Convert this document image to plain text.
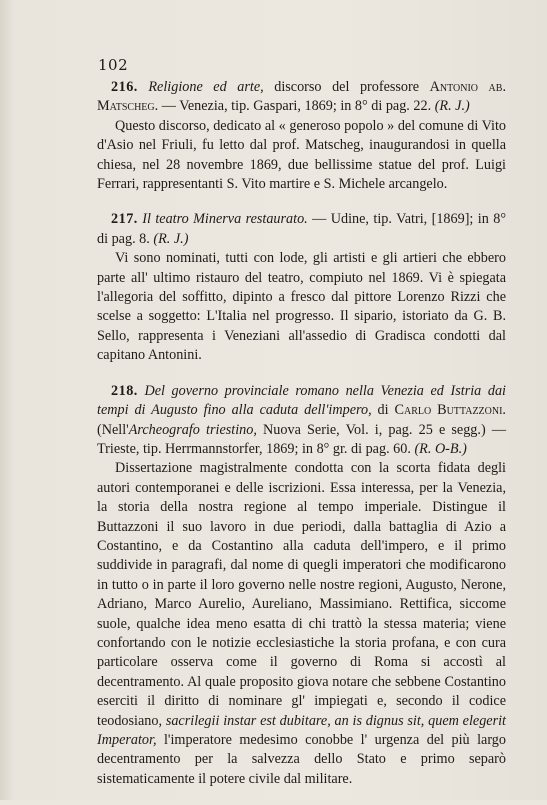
102

216. Religione ed arte, discorso del professore Antonio ab. Matscheg. — Venezia, tip. Gaspari, 1869; in 8° di pag. 22. (R. J.)

Questo discorso, dedicato al « generoso popolo » del comune di Vito d'Asio nel Friuli, fu letto dal prof. Matscheg, inaugurandosi in quella chiesa, nel 28 novembre 1869, due bellissime statue del prof. Luigi Ferrari, rappresentanti S. Vito martire e S. Michele arcangelo.

217. Il teatro Minerva restaurato. — Udine, tip. Vatri, [1869]; in 8° di pag. 8. (R. J.)

Vi sono nominati, tutti con lode, gli artisti e gli artieri che ebbero parte all' ultimo ristauro del teatro, compiuto nel 1869. Vi è spiegata l'allegoria del soffitto, dipinto a fresco dal pittore Lorenzo Rizzi che scelse a soggetto: L'Italia nel progresso. Il sipario, istoriato da G. B. Sello, rappresenta i Veneziani all'assedio di Gradisca condotti dal capitano Antonini.

218. Del governo provinciale romano nella Venezia ed Istria dai tempi di Augusto fino alla caduta dell'impero, di Carlo Buttazzoni. (Nell'Archeografo triestino, Nuova Serie, Vol. i, pag. 25 e segg.) — Trieste, tip. Herrmannstorfer, 1869; in 8° gr. di pag. 60. (R. O-B.)

Dissertazione magistralmente condotta con la scorta fidata degli autori contemporanei e delle iscrizioni. Essa interessa, per la Venezia, la storia della nostra regione al tempo imperiale. Distingue il Buttazzoni il suo lavoro in due periodi, dalla battaglia di Azio a Costantino, e da Costantino alla caduta dell'impero, e il primo suddivide in paragrafi, dal nome di quegli imperatori che modificarono in tutto o in parte il loro governo nelle nostre regioni, Augusto, Nerone, Adriano, Marco Aurelio, Aureliano, Massimiano. Rettifica, siccome suole, qualche idea meno esatta di chi trattò la stessa materia; viene confortando con le notizie ecclesiastiche la storia profana, e con cura particolare osserva come il governo di Roma si accostì al decentramento. Al quale proposito giova notare che sebbene Costantino eserciti il diritto di nominare gl' impiegati e, secondo il codice teodosiano, sacrilegii instar est dubitare, an is dignus sit, quem elegerit Imperator, l'imperatore medesimo conobbe l' urgenza del più largo decentramento per la salvezza dello Stato e primo separò sistematicamente il potere civile dal militare.
